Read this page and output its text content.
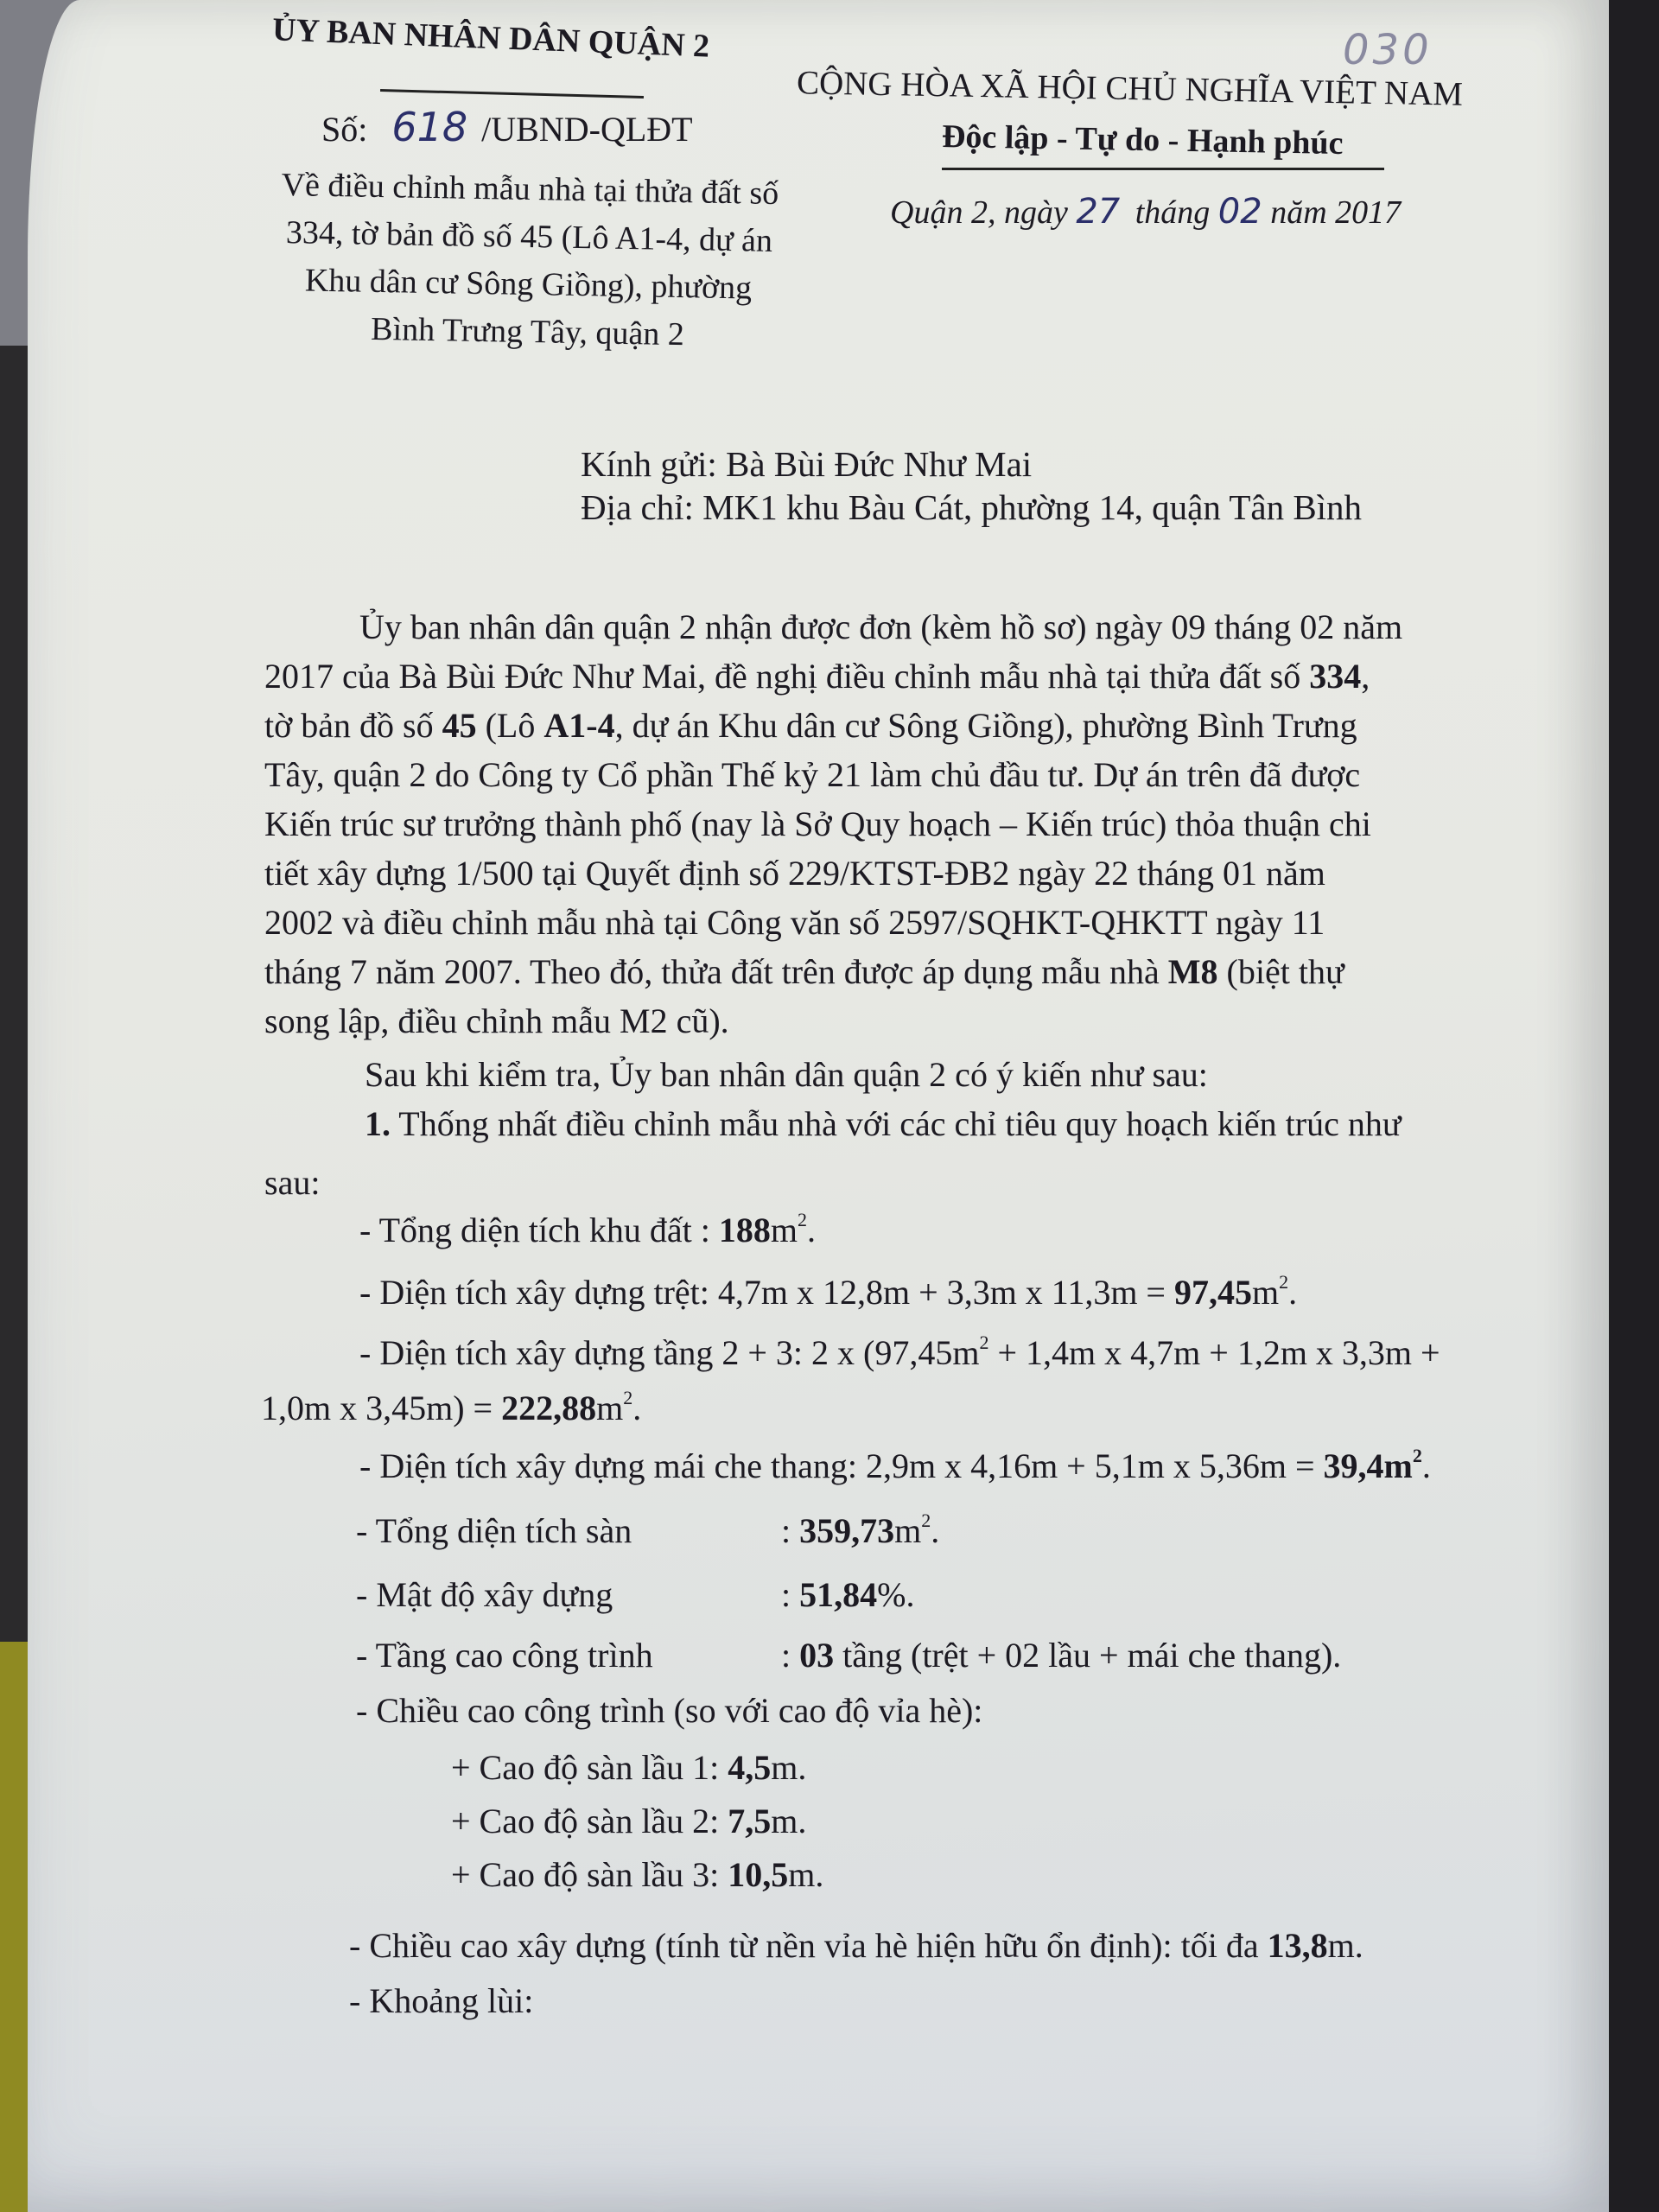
ỦY BAN NHÂN DÂN QUẬN 2
Số: 618 /UBND-QLĐT
030
CỘNG HÒA XÃ HỘI CHỦ NGHĨA VIỆT NAM
Độc lập - Tự do - Hạnh phúc
Quận 2, ngày 27 tháng 02 năm 2017
Về điều chỉnh mẫu nhà tại thửa đất số
334, tờ bản đồ số 45 (Lô A1-4, dự án
Khu dân cư Sông Giồng), phường
Bình Trưng Tây, quận 2
Kính gửi: Bà Bùi Đức Như Mai
Địa chỉ: MK1 khu Bàu Cát, phường 14, quận Tân Bình
Ủy ban nhân dân quận 2 nhận được đơn (kèm hồ sơ) ngày 09 tháng 02 năm
2017 của Bà Bùi Đức Như Mai, đề nghị điều chỉnh mẫu nhà tại thửa đất số 334,
tờ bản đồ số 45 (Lô A1-4, dự án Khu dân cư Sông Giồng), phường Bình Trưng
Tây, quận 2 do Công ty Cổ phần Thế kỷ 21 làm chủ đầu tư. Dự án trên đã được
Kiến trúc sư trưởng thành phố (nay là Sở Quy hoạch – Kiến trúc) thỏa thuận chi
tiết xây dựng 1/500 tại Quyết định số 229/KTST-ĐB2 ngày 22 tháng 01 năm
2002 và điều chỉnh mẫu nhà tại Công văn số 2597/SQHKT-QHKTT ngày 11
tháng 7 năm 2007. Theo đó, thửa đất trên được áp dụng mẫu nhà M8 (biệt thự
song lập, điều chỉnh mẫu M2 cũ).
Sau khi kiểm tra, Ủy ban nhân dân quận 2 có ý kiến như sau:
1. Thống nhất điều chỉnh mẫu nhà với các chỉ tiêu quy hoạch kiến trúc như
sau:
- Tổng diện tích khu đất : $188m^2$.
- Diện tích xây dựng trệt: 4,7m x 12,8m + 3,3m x $11,3m = 97,45m^2$.
- Diện tích xây dựng tầng 2 + 3: 2 x ($97,45m^2 + 1,4m$ x 4,7m + 1,2m x 3,3m +
1,0m x $3,45m) = 222,88m^2$.
- Diện tích xây dựng mái che thang: 2,9m x 4,16m + 5,1m x $5,36m = 39,4m^2$.
- Tổng diện tích sàn	: $359,73m^2$.
- Mật độ xây dựng	: 51,84%.
- Tầng cao công trình	: 03 tầng (trệt + 02 lầu + mái che thang).
- Chiều cao công trình (so với cao độ vỉa hè):
+ Cao độ sàn lầu 1: 4,5m.
+ Cao độ sàn lầu 2: 7,5m.
+ Cao độ sàn lầu 3: 10,5m.
- Chiều cao xây dựng (tính từ nền vỉa hè hiện hữu ổn định): tối đa 13,8m.
- Khoảng lùi:
